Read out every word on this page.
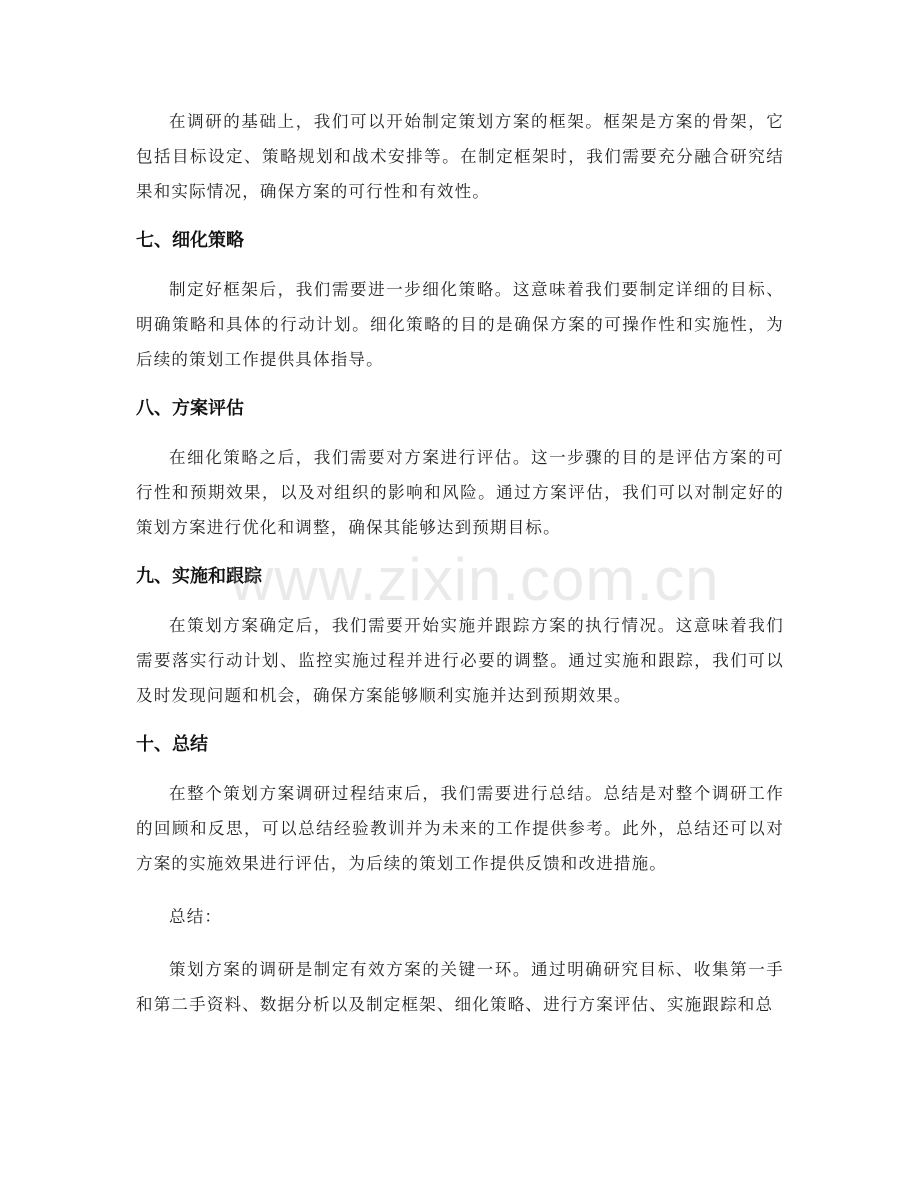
在调研的基础上，我们可以开始制定策划方案的框架。框架是方案的骨架，它包括目标设定、策略规划和战术安排等。在制定框架时，我们需要充分融合研究结果和实际情况，确保方案的可行性和有效性。

七、细化策略

制定好框架后，我们需要进一步细化策略。这意味着我们要制定详细的目标、明确策略和具体的行动计划。细化策略的目的是确保方案的可操作性和实施性，为后续的策划工作提供具体指导。

八、方案评估

在细化策略之后，我们需要对方案进行评估。这一步骤的目的是评估方案的可行性和预期效果，以及对组织的影响和风险。通过方案评估，我们可以对制定好的策划方案进行优化和调整，确保其能够达到预期目标。

九、实施和跟踪

在策划方案确定后，我们需要开始实施并跟踪方案的执行情况。这意味着我们需要落实行动计划、监控实施过程并进行必要的调整。通过实施和跟踪，我们可以及时发现问题和机会，确保方案能够顺利实施并达到预期效果。

十、总结

在整个策划方案调研过程结束后，我们需要进行总结。总结是对整个调研工作的回顾和反思，可以总结经验教训并为未来的工作提供参考。此外，总结还可以对方案的实施效果进行评估，为后续的策划工作提供反馈和改进措施。

总结：

策划方案的调研是制定有效方案的关键一环。通过明确研究目标、收集第一手和第二手资料、数据分析以及制定框架、细化策略、进行方案评估、实施跟踪和总

www.zixin.com.cn
